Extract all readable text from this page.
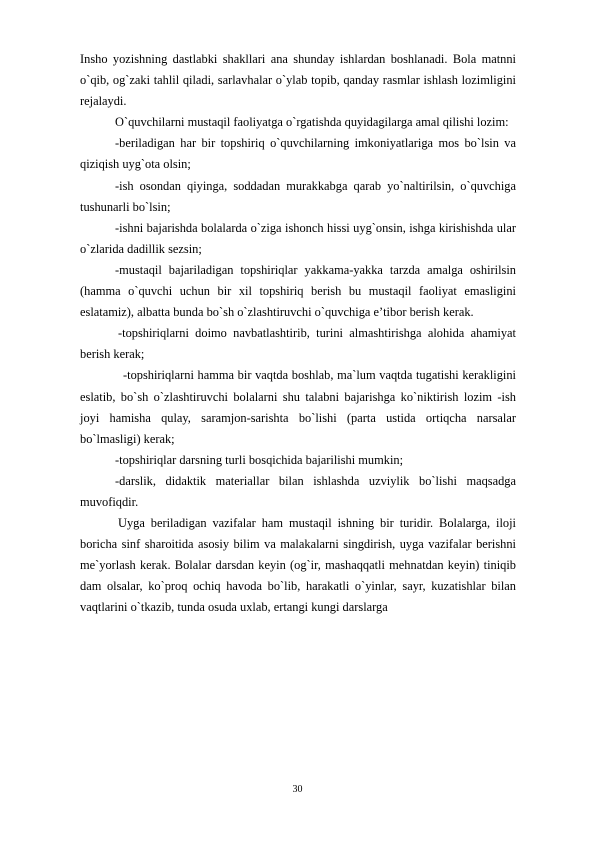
Insho yozishning dastlabki shakllari ana shunday ishlardan boshlanadi. Bola matnni o`qib, og`zaki tahlil qiladi, sarlavhalar o`ylab topib, qanday rasmlar ishlash lozimligini rejalaydi.

O`quvchilarni mustaqil faoliyatga o`rgatishda quyidagilarga amal qilishi lozim:

-beriladigan har bir topshiriq o`quvchilarning imkoniyatlariga mos bo`lsin va qiziqish uyg`ota olsin;

-ish osondan qiyinga, soddadan murakkabga qarab yo`naltirilsin, o`quvchiga tushunarli bo`lsin;

-ishni bajarishda bolalarda o`ziga ishonch hissi uyg`onsin, ishga kirishishda ular o`zlarida dadillik sezsin;

-mustaqil bajariladigan topshiriqlar yakkama-yakka tarzda amalga oshirilsin (hamma o`quvchi uchun bir xil topshiriq berish bu mustaqil faoliyat emasligini eslatamiz), albatta bunda bo`sh o`zlashtiruvchi o`quvchiga eʼtibor berish kerak.

-topshiriqlarni doimo navbatlashtirib, turini almashtirishga alohida ahamiyat berish kerak;

-topshiriqlarni hamma bir vaqtda boshlab, ma`lum vaqtda tugatishi kerakligini eslatib, bo`sh o`zlashtiruvchi bolalarni shu talabni bajarishga ko`niktirish lozim -ish joyi hamisha qulay, saramjon-sarishta bo`lishi (parta ustida ortiqcha narsalar bo`lmasligi) kerak;

-topshiriqlar darsning turli bosqichida bajarilishi mumkin;

-darslik, didaktik materiallar bilan ishlashda uzviylik bo`lishi maqsadga muvofiqdir.

Uyga beriladigan vazifalar ham mustaqil ishning bir turidir. Bolalarga, iloji boricha sinf sharoitida asosiy bilim va malakalarni singdirish, uyga vazifalar berishni me`yorlash kerak. Bolalar darsdan keyin (og`ir, mashaqqatli mehnatdan keyin) tiniqib dam olsalar, ko`proq ochiq havoda bo`lib, harakatli o`yinlar, sayr, kuzatishlar bilan vaqtlarini o`tkazib, tunda osuda uxlab, ertangi kungi darslarga

30
